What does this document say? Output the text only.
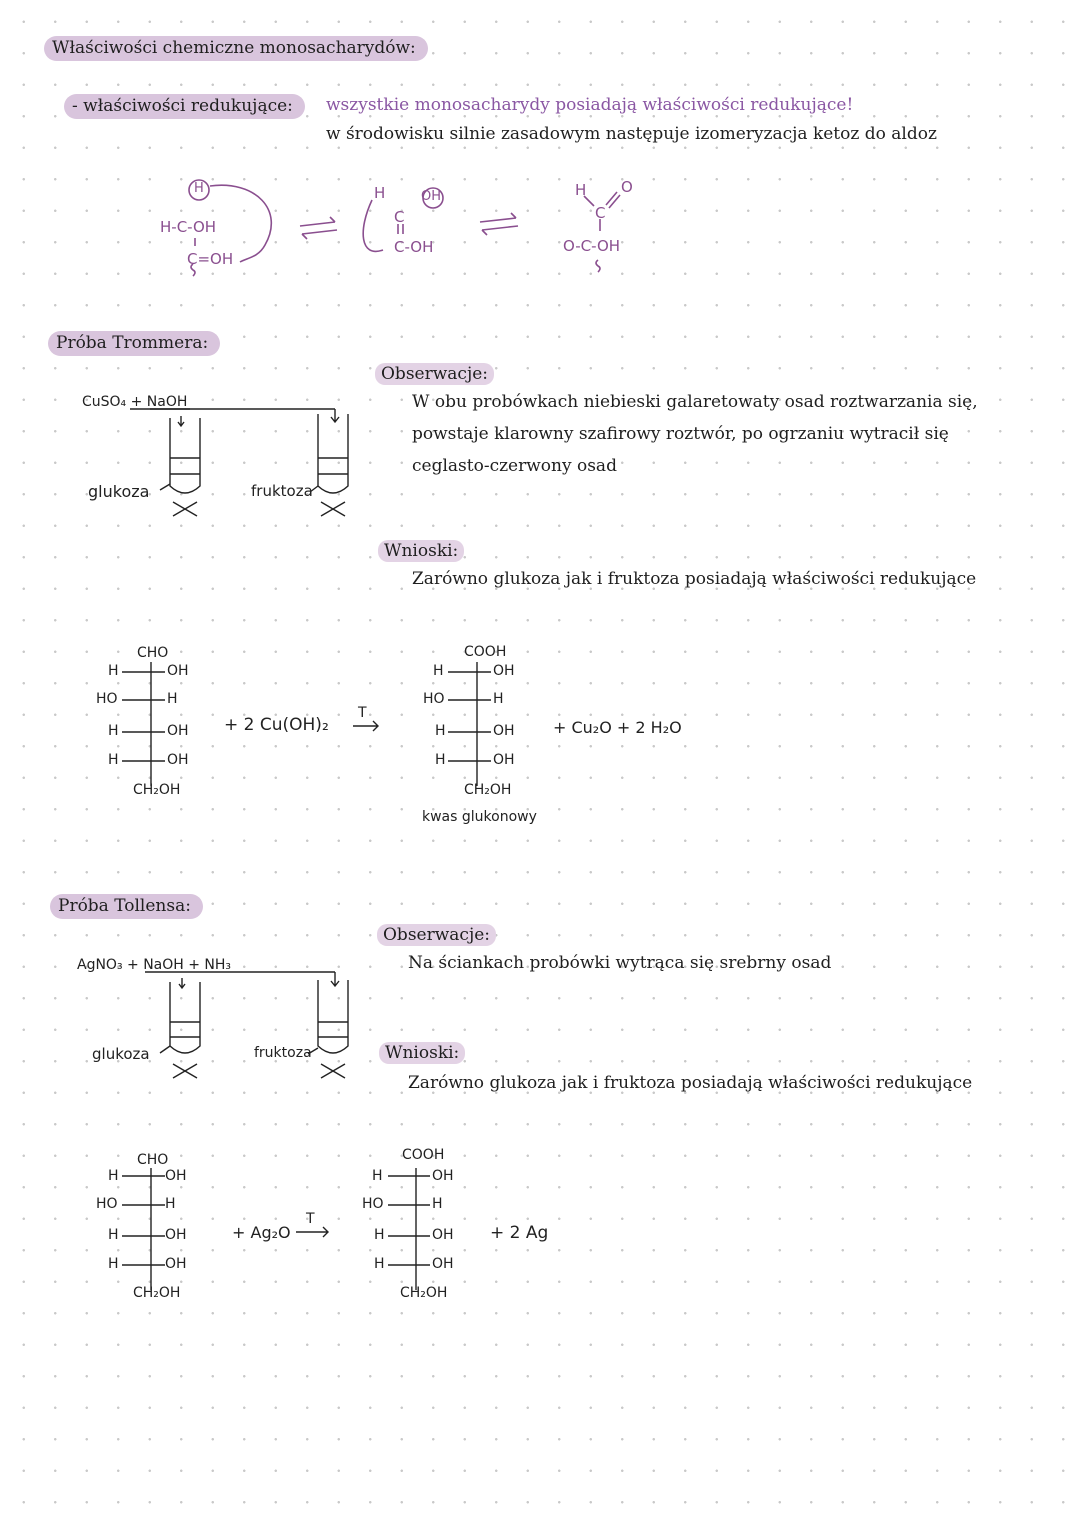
Właściwości chemiczne monosacharydów:
- właściwości redukujące:	wszystkie monosacharydy posiadają właściwości redukujące!
w środowisku silnie zasadowym następuje izomeryzacja ketoz do aldoz
H
H-C-OH
C=OH
H	OH
C
C-OH
H O
C
O-C-OH
Próba Trommera:
CuSO₄ + NaOH
glukoza	fruktoza
Obserwacje:
W obu probówkach niebieski galaretowaty osad roztwarzania się,
powstaje klarowny szafirowy roztwór, po ogrzaniu wytracił się
ceglasto-czerwony osad
Wnioski:
Zarówno glukoza jak i fruktoza posiadają właściwości redukujące
CHO
H	OH
HO	H
H	OH
H	OH
CH₂OH
+ 2 Cu(OH)₂
T
COOH
H	OH
HO	H
H	OH
H	OH
CH₂OH
kwas glukonowy
+ Cu₂O + 2 H₂O
Próba Tollensa:
AgNO₃ + NaOH + NH₃
glukoza	fruktoza
Obserwacje:
Na ściankach probówki wytrąca się srebrny osad
Wnioski:
Zarówno glukoza jak i fruktoza posiadają właściwości redukujące
CHO
H	OH
HO	H
H	OH
H	OH
CH₂OH
+ Ag₂O
T
COOH
H	OH
HO	H
H	OH
H	OH
CH₂OH
+ 2 Ag
